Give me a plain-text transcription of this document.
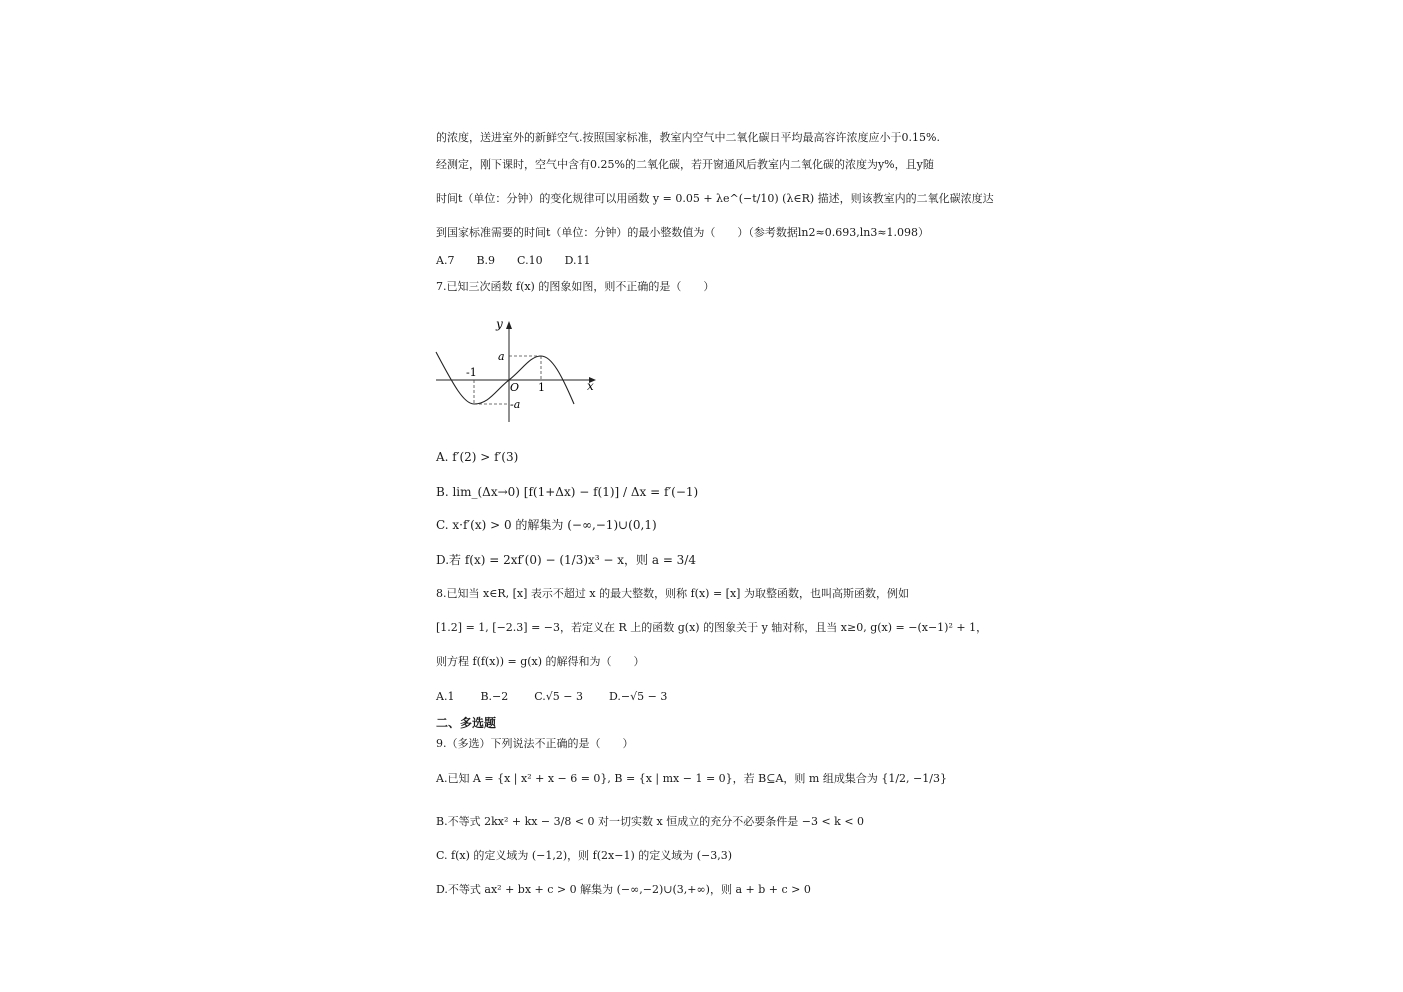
的浓度，送进室外的新鲜空气.按照国家标准，教室内空气中二氧化碳日平均最高容许浓度应小于0.15%.
经测定，刚下课时，空气中含有0.25%的二氧化碳，若开窗通风后教室内二氧化碳的浓度为y%，且y随
时间t（单位：分钟）的变化规律可以用函数 y = 0.05 + λe^(−t/10) (λ∈R) 描述，则该教室内的二氧化碳浓度达
到国家标准需要的时间t（单位：分钟）的最小整数值为（　　）（参考数据ln2≈0.693,ln3≈1.098）
A.7 B.9 C.10 D.11
7.已知三次函数 f(x) 的图象如图，则不正确的是（　　）
y
x
O
a
-a
-1
1
A. f′(2) > f′(3)
B. lim_(Δx→0) [f(1+Δx) − f(1)] / Δx = f′(−1)
C. x·f′(x) > 0 的解集为 (−∞,−1)∪(0,1)
D.若 f(x) = 2xf′(0) − (1/3)x³ − x，则 a = 3/4
8.已知当 x∈R, [x] 表示不超过 x 的最大整数，则称 f(x) = [x] 为取整函数，也叫高斯函数，例如
[1.2] = 1, [−2.3] = −3，若定义在 R 上的函数 g(x) 的图象关于 y 轴对称，且当 x≥0, g(x) = −(x−1)² + 1，
则方程 f(f(x)) = g(x) 的解得和为（　　）
A.1 B.−2 C.√5 − 3 D.−√5 − 3
二、多选题
9.（多选）下列说法不正确的是（　　）
A.已知 A = {x | x² + x − 6 = 0}, B = {x | mx − 1 = 0}，若 B⊆A，则 m 组成集合为 {1/2, −1/3}
B.不等式 2kx² + kx − 3/8 < 0 对一切实数 x 恒成立的充分不必要条件是 −3 < k < 0
C. f(x) 的定义域为 (−1,2)，则 f(2x−1) 的定义域为 (−3,3)
D.不等式 ax² + bx + c > 0 解集为 (−∞,−2)∪(3,+∞)，则 a + b + c > 0
